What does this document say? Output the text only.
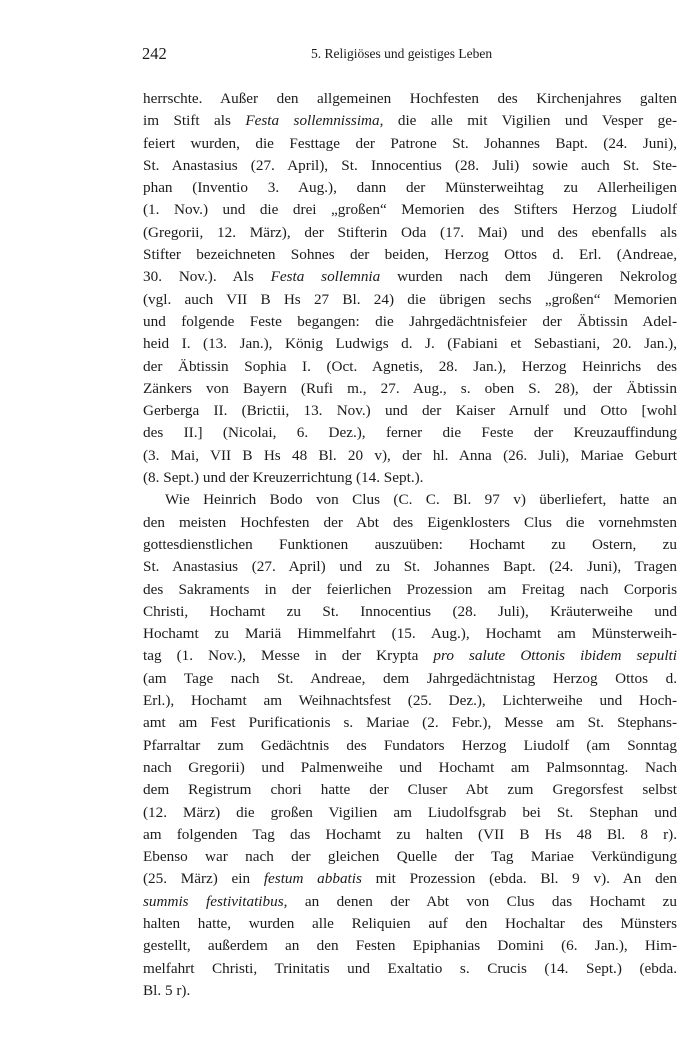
242	5. Religiöses und geistiges Leben
herrschte. Außer den allgemeinen Hochfesten des Kirchenjahres galten
im Stift als Festa sollemnissima, die alle mit Vigilien und Vesper ge-
feiert wurden, die Festtage der Patrone St. Johannes Bapt. (24. Juni),
St. Anastasius (27. April), St. Innocentius (28. Juli) sowie auch St. Ste-
phan (Inventio 3. Aug.), dann der Münsterweihtag zu Allerheiligen
(1. Nov.) und die drei „großen“ Memorien des Stifters Herzog Liudolf
(Gregorii, 12. März), der Stifterin Oda (17. Mai) und des ebenfalls als
Stifter bezeichneten Sohnes der beiden, Herzog Ottos d. Erl. (Andreae,
30. Nov.). Als Festa sollemnia wurden nach dem Jüngeren Nekrolog
(vgl. auch VII B Hs 27 Bl. 24) die übrigen sechs „großen“ Memorien
und folgende Feste begangen: die Jahrgedächtnisfeier der Äbtissin Adel-
heid I. (13. Jan.), König Ludwigs d. J. (Fabiani et Sebastiani, 20. Jan.),
der Äbtissin Sophia I. (Oct. Agnetis, 28. Jan.), Herzog Heinrichs des
Zänkers von Bayern (Rufi m., 27. Aug., s. oben S. 28), der Äbtissin
Gerberga II. (Brictii, 13. Nov.) und der Kaiser Arnulf und Otto [wohl
des II.] (Nicolai, 6. Dez.), ferner die Feste der Kreuzauffindung
(3. Mai, VII B Hs 48 Bl. 20 v), der hl. Anna (26. Juli), Mariae Geburt
(8. Sept.) und der Kreuzerrichtung (14. Sept.).
Wie Heinrich Bodo von Clus (C. C. Bl. 97 v) überliefert, hatte an
den meisten Hochfesten der Abt des Eigenklosters Clus die vornehmsten
gottesdienstlichen Funktionen auszuüben: Hochamt zu Ostern, zu
St. Anastasius (27. April) und zu St. Johannes Bapt. (24. Juni), Tragen
des Sakraments in der feierlichen Prozession am Freitag nach Corporis
Christi, Hochamt zu St. Innocentius (28. Juli), Kräuterweihe und
Hochamt zu Mariä Himmelfahrt (15. Aug.), Hochamt am Münsterweih-
tag (1. Nov.), Messe in der Krypta pro salute Ottonis ibidem sepulti
(am Tage nach St. Andreae, dem Jahrgedächtnistag Herzog Ottos d.
Erl.), Hochamt am Weihnachtsfest (25. Dez.), Lichterweihe und Hoch-
amt am Fest Purificationis s. Mariae (2. Febr.), Messe am St. Stephans-
Pfarraltar zum Gedächtnis des Fundators Herzog Liudolf (am Sonntag
nach Gregorii) und Palmenweihe und Hochamt am Palmsonntag. Nach
dem Registrum chori hatte der Cluser Abt zum Gregorsfest selbst
(12. März) die großen Vigilien am Liudolfsgrab bei St. Stephan und
am folgenden Tag das Hochamt zu halten (VII B Hs 48 Bl. 8 r).
Ebenso war nach der gleichen Quelle der Tag Mariae Verkündigung
(25. März) ein festum abbatis mit Prozession (ebda. Bl. 9 v). An den
summis festivitatibus, an denen der Abt von Clus das Hochamt zu
halten hatte, wurden alle Reliquien auf den Hochaltar des Münsters
gestellt, außerdem an den Festen Epiphanias Domini (6. Jan.), Him-
melfahrt Christi, Trinitatis und Exaltatio s. Crucis (14. Sept.) (ebda.
Bl. 5 r).
